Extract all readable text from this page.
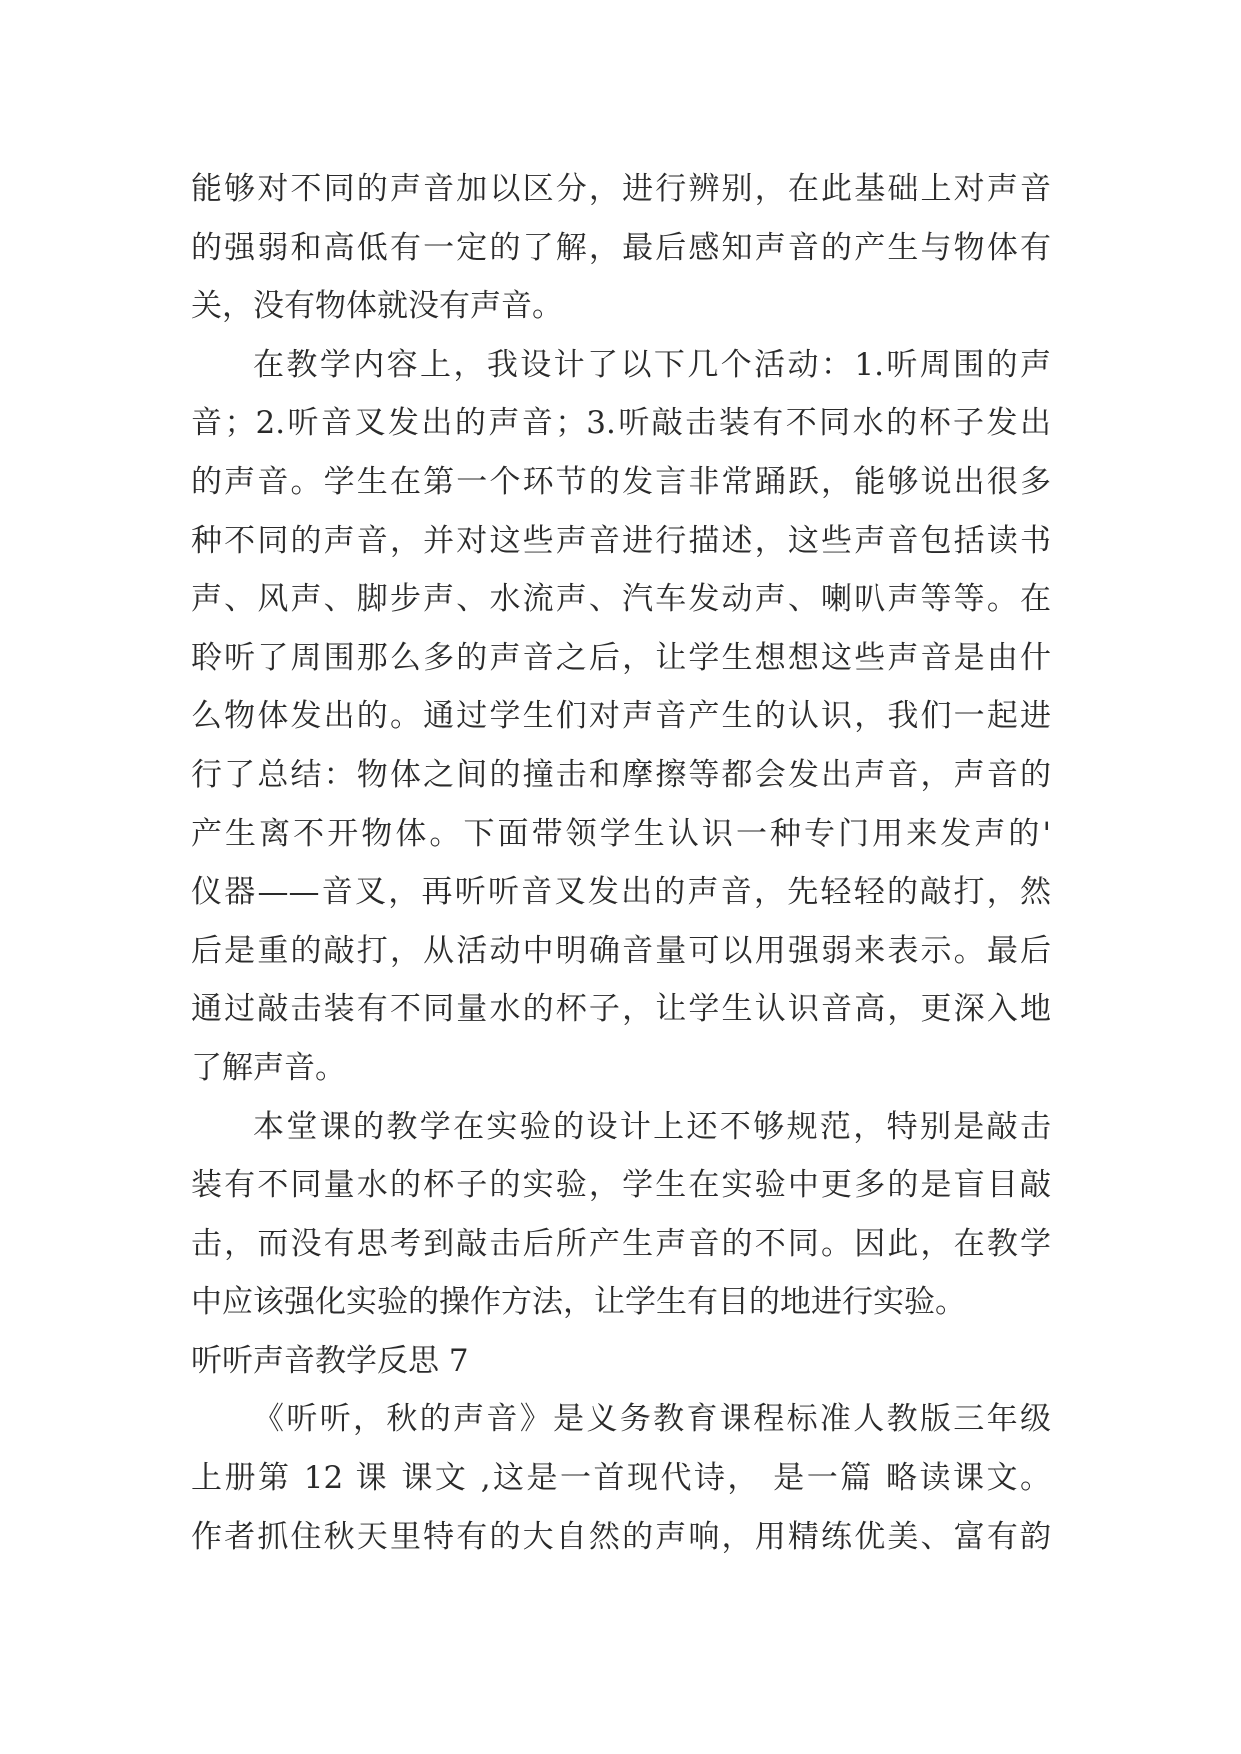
能够对不同的声音加以区分，进行辨别，在此基础上对声音
的强弱和高低有一定的了解，最后感知声音的产生与物体有
关，没有物体就没有声音。
在教学内容上，我设计了以下几个活动：1.听周围的声
音；2.听音叉发出的声音；3.听敲击装有不同水的杯子发出
的声音。学生在第一个环节的发言非常踊跃，能够说出很多
种不同的声音，并对这些声音进行描述，这些声音包括读书
声、风声、脚步声、水流声、汽车发动声、喇叭声等等。在
聆听了周围那么多的声音之后，让学生想想这些声音是由什
么物体发出的。通过学生们对声音产生的认识，我们一起进
行了总结：物体之间的撞击和摩擦等都会发出声音，声音的
产生离不开物体。下面带领学生认识一种专门用来发声的'
仪器——音叉，再听听音叉发出的声音，先轻轻的敲打，然
后是重的敲打，从活动中明确音量可以用强弱来表示。最后
通过敲击装有不同量水的杯子，让学生认识音高，更深入地
了解声音。
本堂课的教学在实验的设计上还不够规范，特别是敲击
装有不同量水的杯子的实验，学生在实验中更多的是盲目敲
击，而没有思考到敲击后所产生声音的不同。因此，在教学
中应该强化实验的操作方法，让学生有目的地进行实验。
听听声音教学反思 7
《听听，秋的声音》是义务教育课程标准人教版三年级
上册第 12 课 课文 ,这是一首现代诗， 是一篇 略读课文。
作者抓住秋天里特有的大自然的声响，用精练优美、富有韵
